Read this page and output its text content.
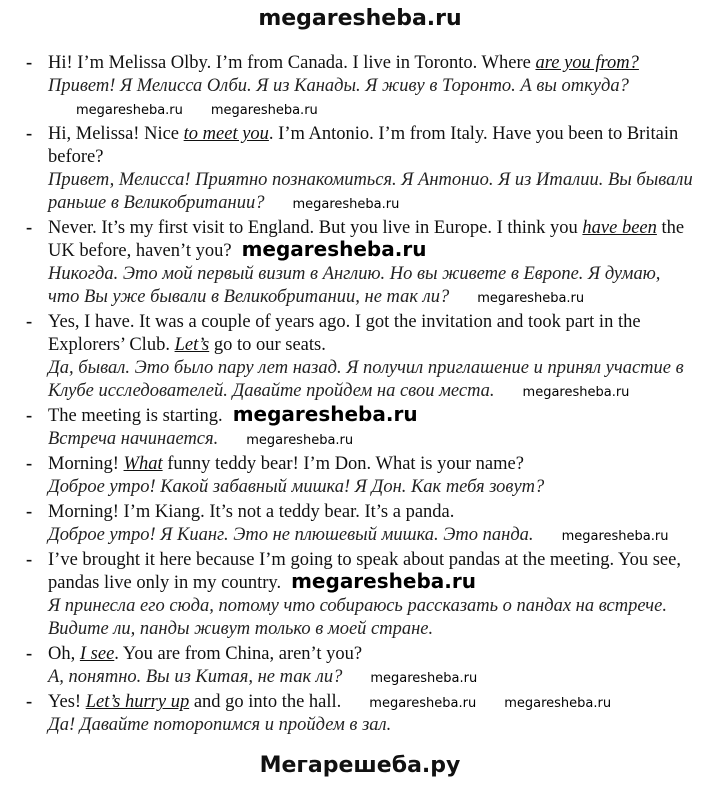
megaresheba.ru
- Hi! I’m Melissa Olby. I’m from Canada. I live in Toronto. Where are you from?
Привет! Я Мелисса Олби. Я из Канады. Я живу в Торонто. А вы откуда?megaresheba.ru megaresheba.ru
- Hi, Melissa! Nice to meet you. I’m Antonio. I’m from Italy. Have you been to Britain before?
Привет, Мелисса! Приятно познакомиться. Я Антонио. Я из Италии. Вы бывали раньше в Великобритании? megaresheba.ru
- Never. It’s my first visit to England. But you live in Europe. I think you have been the UK before, haven’t you? megaresheba.ru
Никогда. Это мой первый визит в Англию. Но вы живете в Европе. Я думаю, что Вы уже бывали в Великобритании, не так ли? megaresheba.ru
- Yes, I have. It was a couple of years ago. I got the invitation and took part in the Explorers’ Club. Let’s go to our seats.
Да, бывал. Это было пару лет назад. Я получил приглашение и принял участие в Клубе исследователей. Давайте пройдем на свои места. megaresheba.ru
- The meeting is starting. megaresheba.ru
Встреча начинается. megaresheba.ru
- Morning! What funny teddy bear! I’m Don. What is your name?
Доброе утро! Какой забавный мишка! Я Дон. Как тебя зовут?
- Morning! I’m Kiang. It’s not a teddy bear. It’s a panda.
Доброе утро! Я Кианг. Это не плюшевый мишка. Это панда. megaresheba.ru
- I’ve brought it here because I’m going to speak about pandas at the meeting. You see, pandas live only in my country. megaresheba.ru
Я принесла его сюда, потому что собираюсь рассказать о пандах на встрече. Видите ли, панды живут только в моей стране.
- Oh, I see. You are from China, aren’t you?
А, понятно. Вы из Китая, не так ли? megaresheba.ru
- Yes! Let’s hurry up and go into the hall. megaresheba.ru megaresheba.ru
Да! Давайте поторопимся и пройдем в зал.
Мегарешеба.ру
